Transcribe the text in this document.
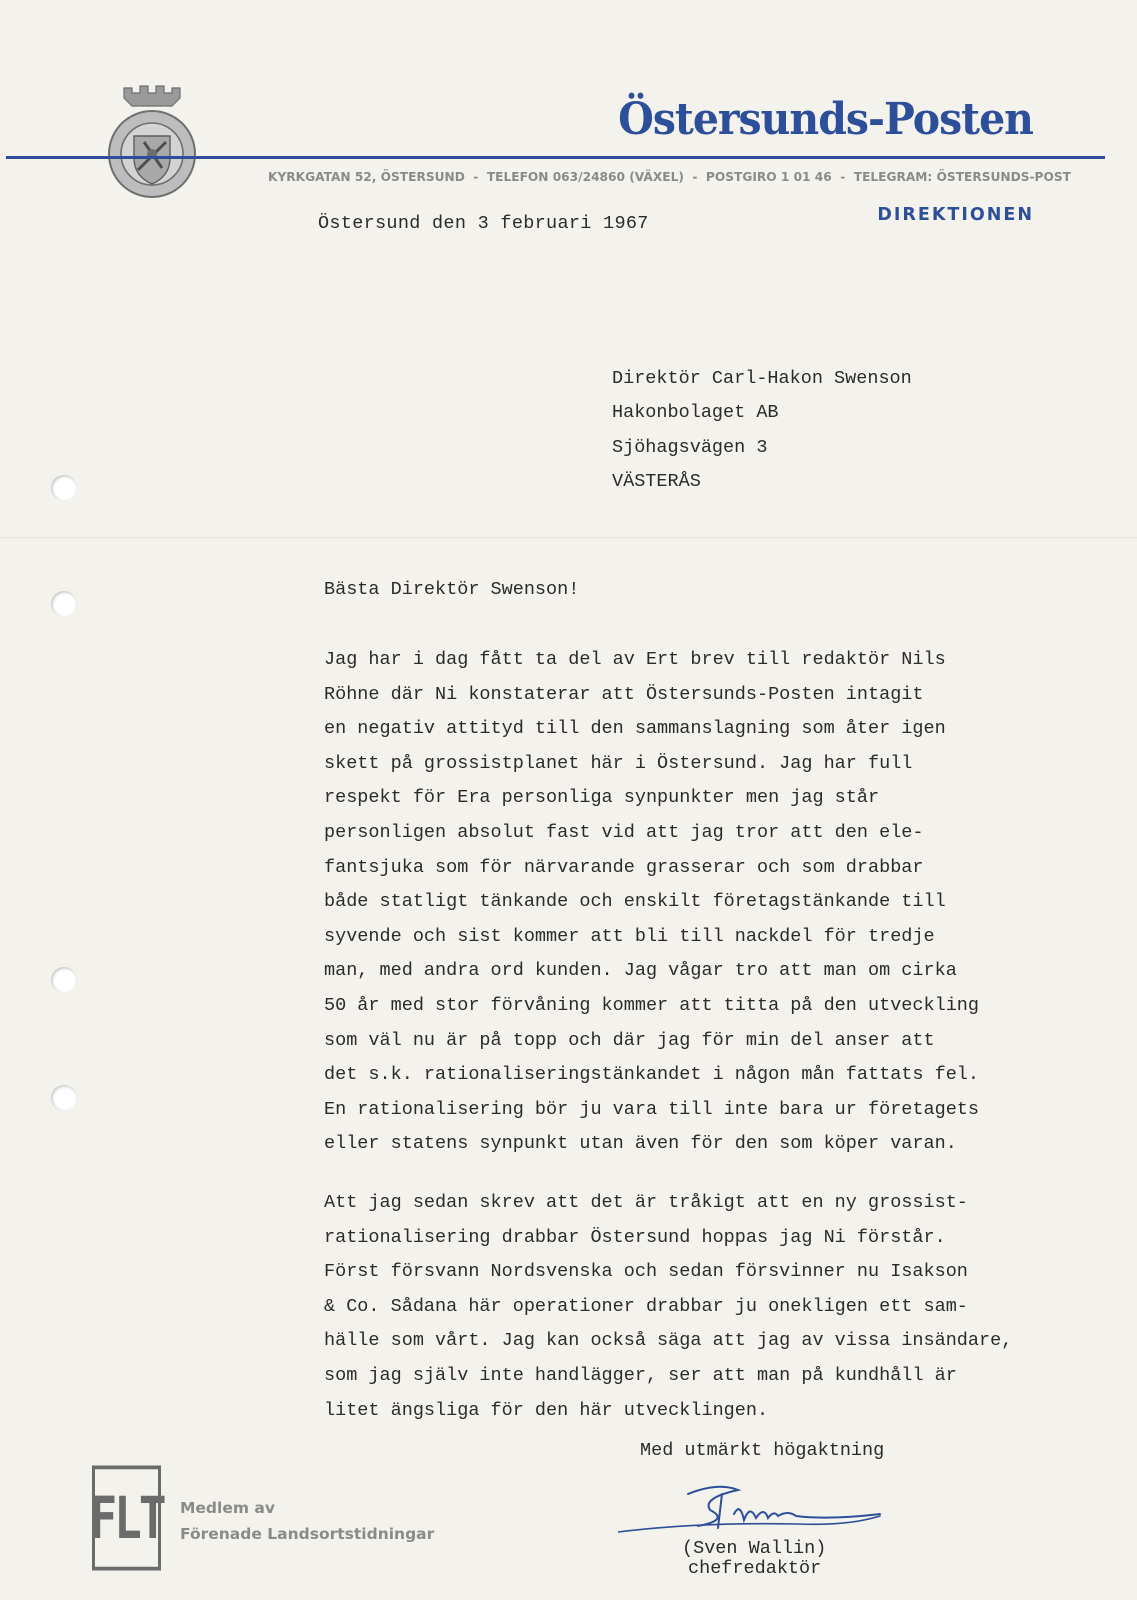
Östersunds-Posten
KYRKGATAN 52, ÖSTERSUND  -  TELEFON 063/24860 (VÄXEL)  -  POSTGIRO 1 01 46  -  TELEGRAM: ÖSTERSUNDS-POST
DIREKTIONEN
Östersund den 3 februari 1967
Direktör Carl-Hakon Swenson
Hakonbolaget AB
Sjöhagsvägen 3
VÄSTERÅS
Bästa Direktör Swenson!
Jag har i dag fått ta del av Ert brev till redaktör Nils
Röhne där Ni konstaterar att Östersunds-Posten intagit
en negativ attityd till den sammanslagning som åter igen
skett på grossistplanet här i Östersund. Jag har full
respekt för Era personliga synpunkter men jag står
personligen absolut fast vid att jag tror att den ele-
fantsjuka som för närvarande grasserar och som drabbar
både statligt tänkande och enskilt företagstänkande till
syvende och sist kommer att bli till nackdel för tredje
man, med andra ord kunden. Jag vågar tro att man om cirka
50 år med stor förvåning kommer att titta på den utveckling
som väl nu är på topp och där jag för min del anser att
det s.k. rationaliseringstänkandet i någon mån fattats fel.
En rationalisering bör ju vara till inte bara ur företagets
eller statens synpunkt utan även för den som köper varan.
Att jag sedan skrev att det är tråkigt att en ny grossist-
rationalisering drabbar Östersund hoppas jag Ni förstår.
Först försvann Nordsvenska och sedan försvinner nu Isakson
& Co. Sådana här operationer drabbar ju onekligen ett sam-
hälle som vårt. Jag kan också säga att jag av vissa insändare,
som jag själv inte handlägger, ser att man på kundhåll är
litet ängsliga för den här utvecklingen.
Med utmärkt högaktning
(Sven Wallin)
chefredaktör
FLT Medlem av
Förenade Landsortstidningar
